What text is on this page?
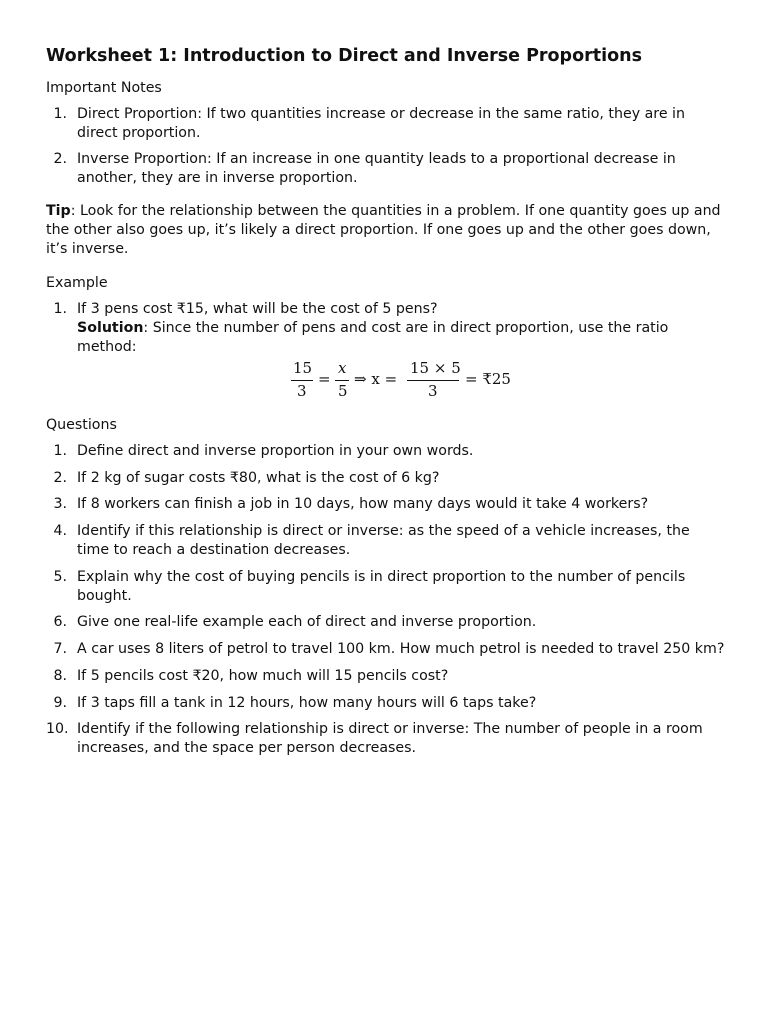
Worksheet 1: Introduction to Direct and Inverse Proportions
Important Notes
1. Direct Proportion: If two quantities increase or decrease in the same ratio, they are in direct proportion.
2. Inverse Proportion: If an increase in one quantity leads to a proportional decrease in another, they are in inverse proportion.
Tip: Look for the relationship between the quantities in a problem. If one quantity goes up and the other also goes up, it’s likely a direct proportion. If one goes up and the other goes down, it’s inverse.
Example
1. If 3 pens cost ₹15, what will be the cost of 5 pens?
Solution: Since the number of pens and cost are in direct proportion, use the ratio method:
15
3
=
x
5
⇒ x =
15 × 5
3
= ₹25
Questions
1. Define direct and inverse proportion in your own words.
2. If 2 kg of sugar costs ₹80, what is the cost of 6 kg?
3. If 8 workers can finish a job in 10 days, how many days would it take 4 workers?
4. Identify if this relationship is direct or inverse: as the speed of a vehicle increases, the time to reach a destination decreases.
5. Explain why the cost of buying pencils is in direct proportion to the number of pencils bought.
6. Give one real-life example each of direct and inverse proportion.
7. A car uses 8 liters of petrol to travel 100 km. How much petrol is needed to travel 250 km?
8. If 5 pencils cost ₹20, how much will 15 pencils cost?
9. If 3 taps fill a tank in 12 hours, how many hours will 6 taps take?
10. Identify if the following relationship is direct or inverse: The number of people in a room increases, and the space per person decreases.
